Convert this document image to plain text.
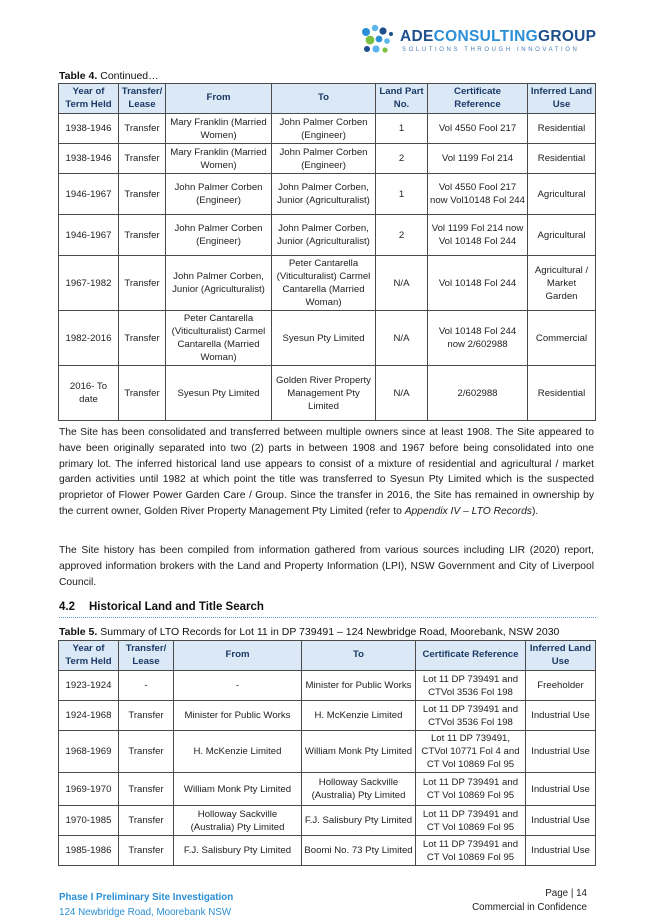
ADECONSULTINGGROUP
SOLUTIONS THROUGH INNOVATION
Table 4. Continued…
Year of Term Held	Transfer/ Lease	From	To	Land Part No.	Certificate Reference	Inferred Land Use
1938-1946	Transfer	Mary Franklin (Married Women)	John Palmer Corben (Engineer)	1	Vol 4550 Fool 217	Residential
1938-1946	Transfer	Mary Franklin (Married Women)	John Palmer Corben (Engineer)	2	Vol 1199 Fol 214	Residential
1946-1967	Transfer	John Palmer Corben (Engineer)	John Palmer Corben, Junior (Agriculturalist)	1	Vol 4550 Fool 217 now Vol10148 Fol 244	Agricultural
1946-1967	Transfer	John Palmer Corben (Engineer)	John Palmer Corben, Junior (Agriculturalist)	2	Vol 1199 Fol 214 now Vol 10148 Fol 244	Agricultural
1967-1982	Transfer	John Palmer Corben, Junior (Agriculturalist)	Peter Cantarella (Viticulturalist) Carmel Cantarella (Married Woman)	N/A	Vol 10148 Fol 244	Agricultural / Market Garden
1982-2016	Transfer	Peter Cantarella (Viticulturalist) Carmel Cantarella (Married Woman)	Syesun Pty Limited	N/A	Vol 10148 Fol 244 now 2/602988	Commercial
2016- To date	Transfer	Syesun Pty Limited	Golden River Property Management Pty Limited	N/A	2/602988	Residential
The Site has been consolidated and transferred between multiple owners since at least 1908. The Site appeared to have been originally separated into two (2) parts in between 1908 and 1967 before being consolidated into one primary lot. The inferred historical land use appears to consist of a mixture of residential and agricultural / market garden activities until 1982 at which point the title was transferred to Syesun Pty Limited which is the suspected proprietor of Flower Power Garden Care / Group. Since the transfer in 2016, the Site has remained in ownership by the current owner, Golden River Property Management Pty Limited (refer to Appendix IV – LTO Records).
The Site history has been compiled from information gathered from various sources including LIR (2020) report, approved information brokers with the Land and Property Information (LPI), NSW Government and City of Liverpool Council.
4.2 Historical Land and Title Search
Table 5. Summary of LTO Records for Lot 11 in DP 739491 – 124 Newbridge Road, Moorebank, NSW 2030
Year of Term Held	Transfer/ Lease	From	To	Certificate Reference	Inferred Land Use
1923-1924	-	-	Minister for Public Works	Lot 11 DP 739491 and CTVol 3536 Fol 198	Freeholder
1924-1968	Transfer	Minister for Public Works	H. McKenzie Limited	Lot 11 DP 739491 and CTVol 3536 Fol 198	Industrial Use
1968-1969	Transfer	H. McKenzie Limited	William Monk Pty Limited	Lot 11 DP 739491, CTVol 10771 Fol 4 and CT Vol 10869 Fol 95	Industrial Use
1969-1970	Transfer	William Monk Pty Limited	Holloway Sackville (Australia) Pty Limited	Lot 11 DP 739491 and CT Vol 10869 Fol 95	Industrial Use
1970-1985	Transfer	Holloway Sackville (Australia) Pty Limited	F.J. Salisbury Pty Limited	Lot 11 DP 739491 and CT Vol 10869 Fol 95	Industrial Use
1985-1986	Transfer	F.J. Salisbury Pty Limited	Boomi No. 73 Pty Limited	Lot 11 DP 739491 and CT Vol 10869 Fol 95	Industrial Use
Phase I Preliminary Site Investigation
124 Newbridge Road, Moorebank NSW
Page | 14
Commercial in Confidence
